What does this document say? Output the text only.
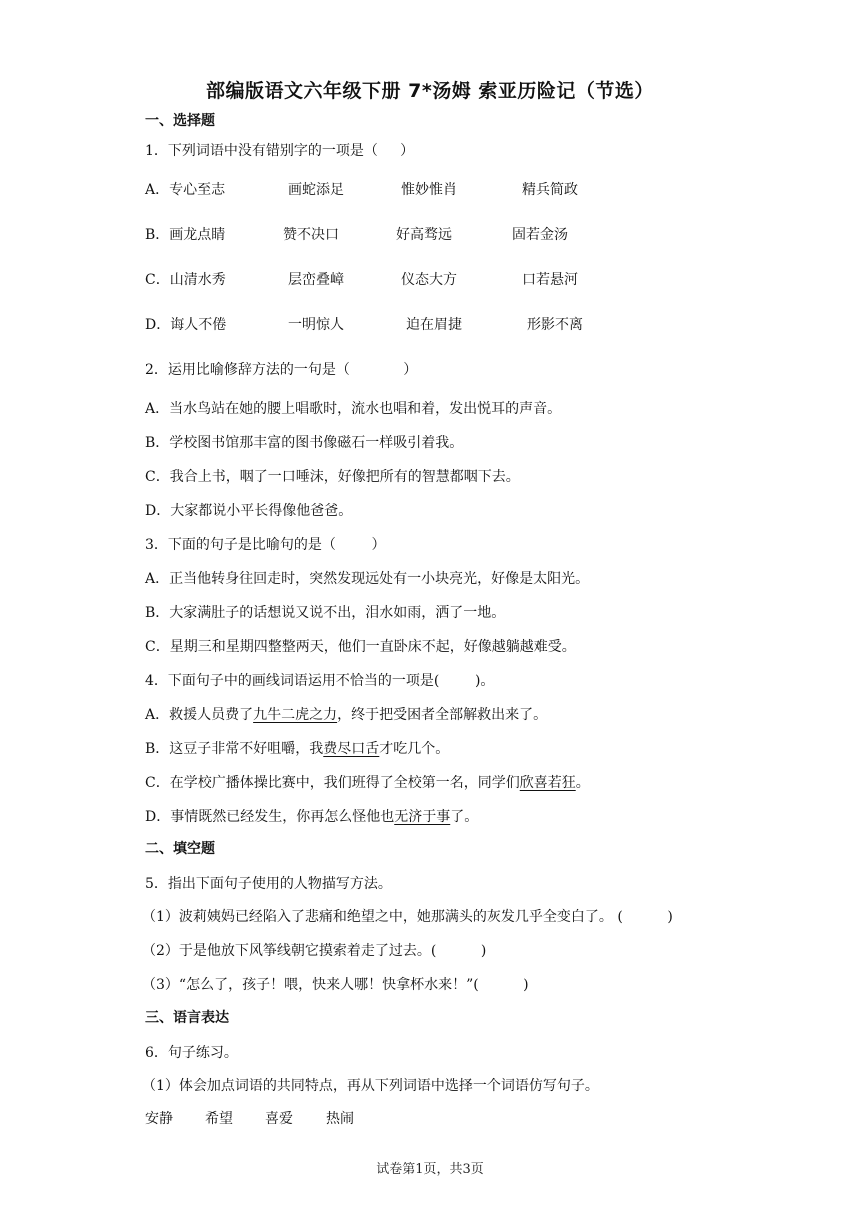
部编版语文六年级下册 7*汤姆 索亚历险记（节选）
一、选择题
1．下列词语中没有错别字的一项是（     ）
A．专心至志	画蛇添足	惟妙惟肖	精兵简政
B．画龙点睛	赞不决口	好高骛远	固若金汤
C．山清水秀	层峦叠嶂	仪态大方	口若悬河
D．诲人不倦	一明惊人	迫在眉捷	形影不离
2．运用比喻修辞方法的一句是（            ）
A．当水鸟站在她的腰上唱歌时，流水也唱和着，发出悦耳的声音。
B．学校图书馆那丰富的图书像磁石一样吸引着我。
C．我合上书，咽了一口唾沫，好像把所有的智慧都咽下去。
D．大家都说小平长得像他爸爸。
3．下面的句子是比喻句的是（        ）
A．正当他转身往回走时，突然发现远处有一小块亮光，好像是太阳光。
B．大家满肚子的话想说又说不出，泪水如雨，洒了一地。
C．星期三和星期四整整两天，他们一直卧床不起，好像越躺越难受。
4．下面句子中的画线词语运用不恰当的一项是(        )。
A．救援人员费了九牛二虎之力，终于把受困者全部解救出来了。
B．这豆子非常不好咀嚼，我费尽口舌才吃几个。
C．在学校广播体操比赛中，我们班得了全校第一名，同学们欣喜若狂。
D．事情既然已经发生，你再怎么怪他也无济于事了。
二、填空题
5．指出下面句子使用的人物描写方法。
（1）波莉姨妈已经陷入了悲痛和绝望之中，她那满头的灰发几乎全变白了。 (          )
（2）于是他放下风筝线朝它摸索着走了过去。(          )
（3）“怎么了，孩子！喂，快来人哪！快拿杯水来！”(          )
三、语言表达
6．句子练习。
（1）体会加点词语的共同特点，再从下列词语中选择一个词语仿写句子。
安静 希望 喜爱 热闹
试卷第1页，共3页
